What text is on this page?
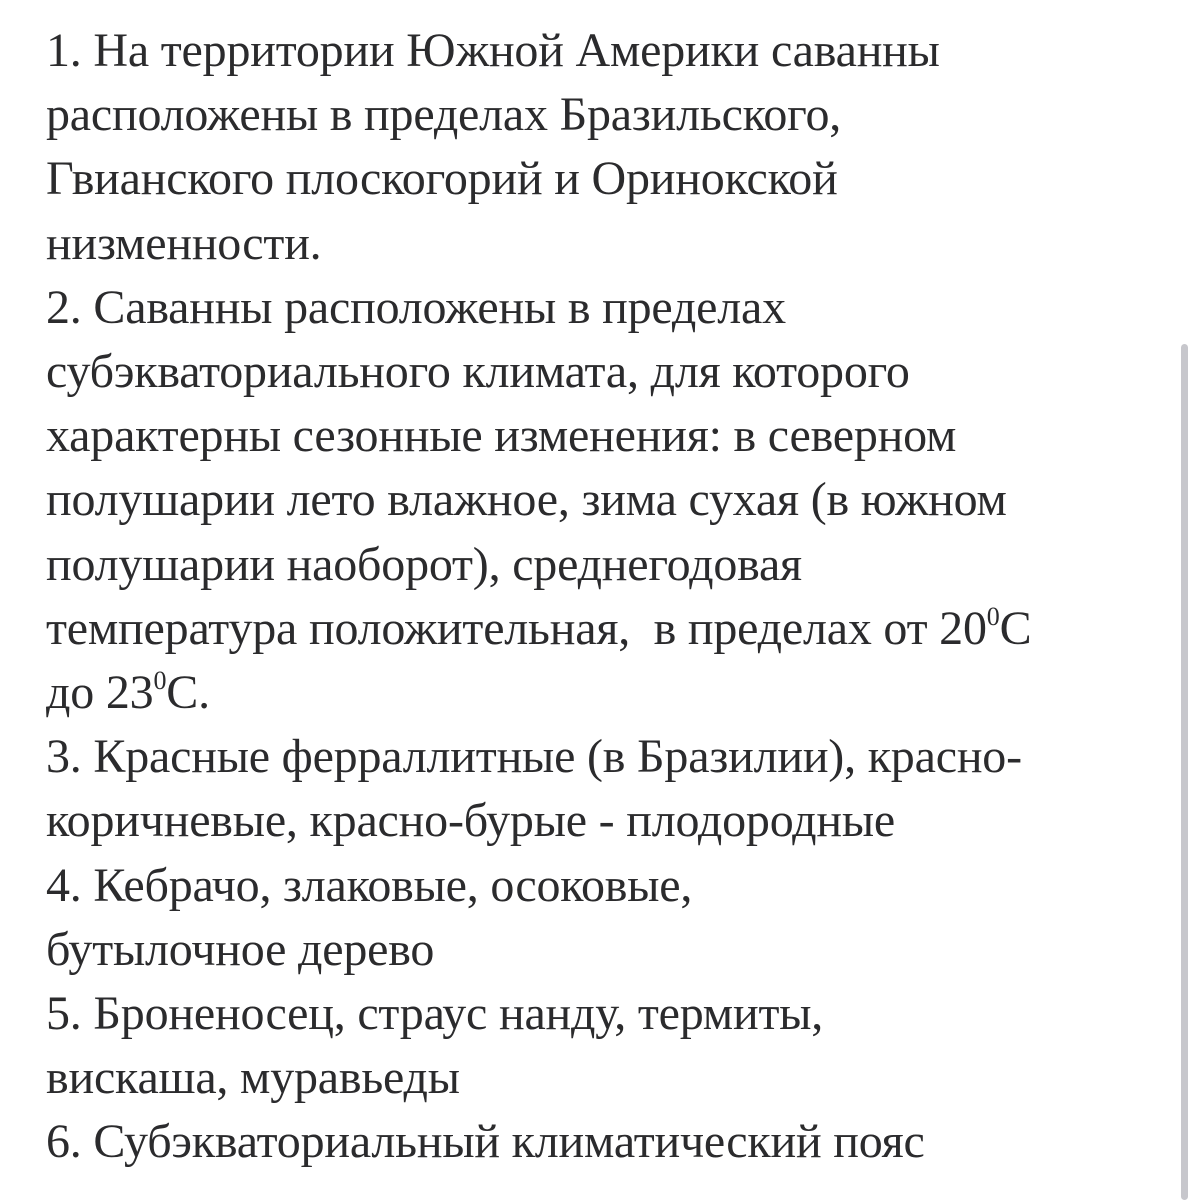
1. На территории Южной Америки саванны
расположены в пределах Бразильского,
Гвианского плоскогорий и Оринокской
низменности.
2. Саванны расположены в пределах
субэкваториального климата, для которого
характерны сезонные изменения: в северном
полушарии лето влажное, зима сухая (в южном
полушарии наоборот), среднегодовая
температура положительная,  в пределах от $20^0С$
до $23^0С$.
3. Красные ферраллитные (в Бразилии), красно-
коричневые, красно-бурые - плодородные
4. Кебрачо, злаковые, осоковые,
бутылочное дерево
5. Броненосец, страус нанду, термиты,
вискаша, муравьеды
6. Субэкваториальный климатический пояс
